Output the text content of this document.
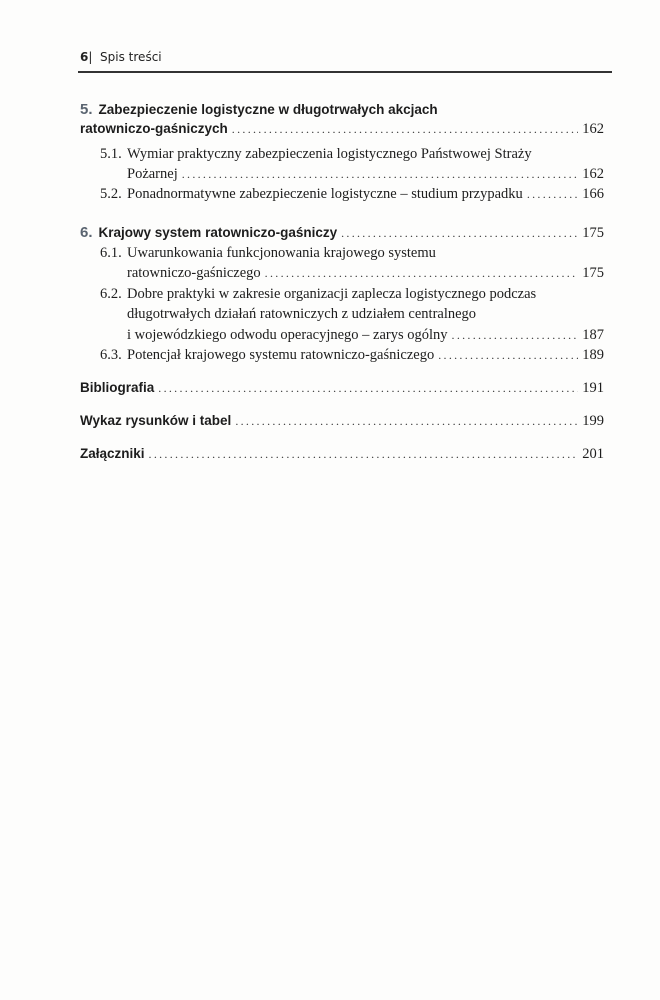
6| Spis treści
5. Zabezpieczenie logistyczne w długotrwałych akcjach
ratowniczo-gaśniczych .....	162
5.1. Wymiar praktyczny zabezpieczenia logistycznego Państwowej Straży
Pożarnej .....	162
5.2. Ponadnormatywne zabezpieczenie logistyczne – studium przypadku .....	166
6. Krajowy system ratowniczo-gaśniczy .....	175
6.1. Uwarunkowania funkcjonowania krajowego systemu
ratowniczo-gaśniczego .....	175
6.2. Dobre praktyki w zakresie organizacji zaplecza logistycznego podczas
długotrwałych działań ratowniczych z udziałem centralnego
i wojewódzkiego odwodu operacyjnego – zarys ogólny .....	187
6.3. Potencjał krajowego systemu ratowniczo-gaśniczego .....	189
Bibliografia .....	191
Wykaz rysunków i tabel .....	199
Załączniki .....	201
